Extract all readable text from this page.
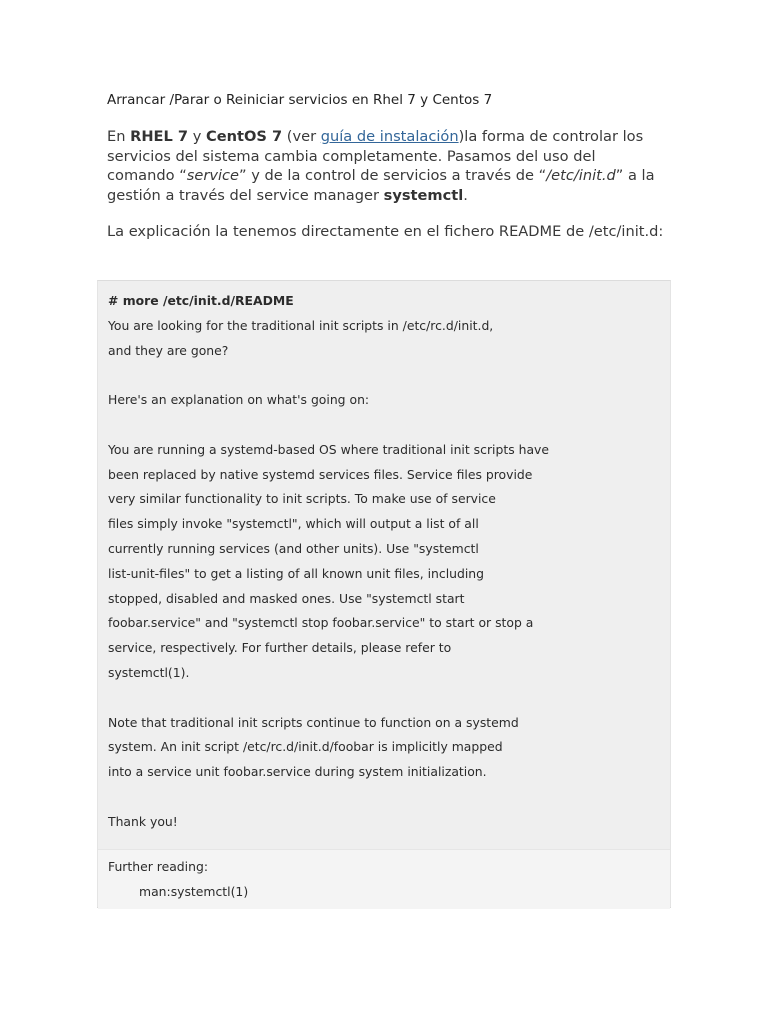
Arrancar /Parar o Reiniciar servicios en Rhel 7 y Centos 7
En RHEL 7 y CentOS 7 (ver guía de instalación)la forma de controlar los servicios del sistema cambia completamente. Pasamos del uso del comando “service” y de la control de servicios a través de “/etc/init.d” a la gestión a través del service manager systemctl.
La explicación la tenemos directamente en el fichero README de /etc/init.d:
# more /etc/init.d/README
You are looking for the traditional init scripts in /etc/rc.d/init.d,
and they are gone?
Here's an explanation on what's going on:
You are running a systemd-based OS where traditional init scripts have
been replaced by native systemd services files. Service files provide
very similar functionality to init scripts. To make use of service
files simply invoke "systemctl", which will output a list of all
currently running services (and other units). Use "systemctl
list-unit-files" to get a listing of all known unit files, including
stopped, disabled and masked ones. Use "systemctl start
foobar.service" and "systemctl stop foobar.service" to start or stop a
service, respectively. For further details, please refer to
systemctl(1).
Note that traditional init scripts continue to function on a systemd
system. An init script /etc/rc.d/init.d/foobar is implicitly mapped
into a service unit foobar.service during system initialization.
Thank you!
Further reading:
man:systemctl(1)
